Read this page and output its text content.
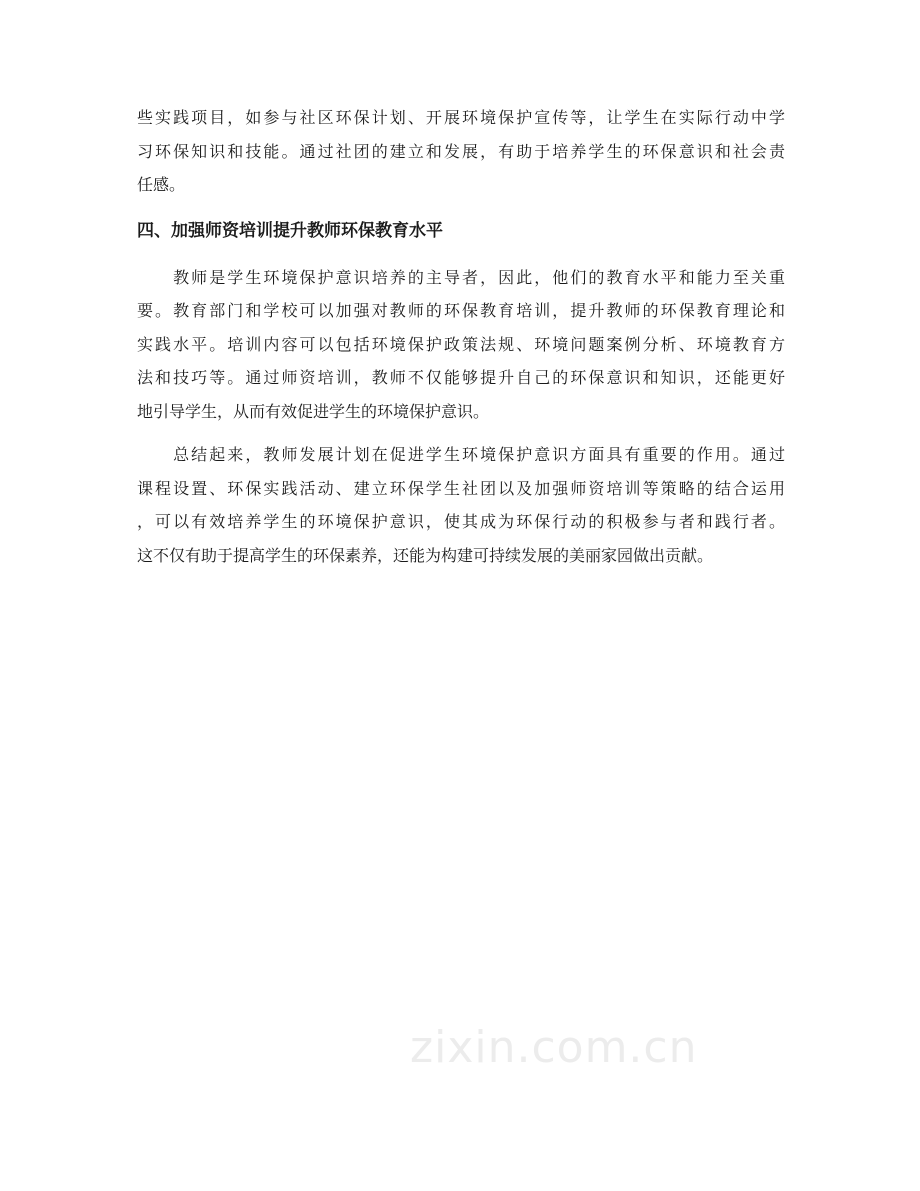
些实践项目，如参与社区环保计划、开展环境保护宣传等，让学生在实际行动中学
习环保知识和技能。通过社团的建立和发展，有助于培养学生的环保意识和社会责
任感。
四、加强师资培训提升教师环保教育水平
　　教师是学生环境保护意识培养的主导者，因此，他们的教育水平和能力至关重
要。教育部门和学校可以加强对教师的环保教育培训，提升教师的环保教育理论和
实践水平。培训内容可以包括环境保护政策法规、环境问题案例分析、环境教育方
法和技巧等。通过师资培训，教师不仅能够提升自己的环保意识和知识，还能更好
地引导学生，从而有效促进学生的环境保护意识。
　　总结起来，教师发展计划在促进学生环境保护意识方面具有重要的作用。通过
课程设置、环保实践活动、建立环保学生社团以及加强师资培训等策略的结合运用
，可以有效培养学生的环境保护意识，使其成为环保行动的积极参与者和践行者。
这不仅有助于提高学生的环保素养，还能为构建可持续发展的美丽家园做出贡献。
zixin.com.cn
